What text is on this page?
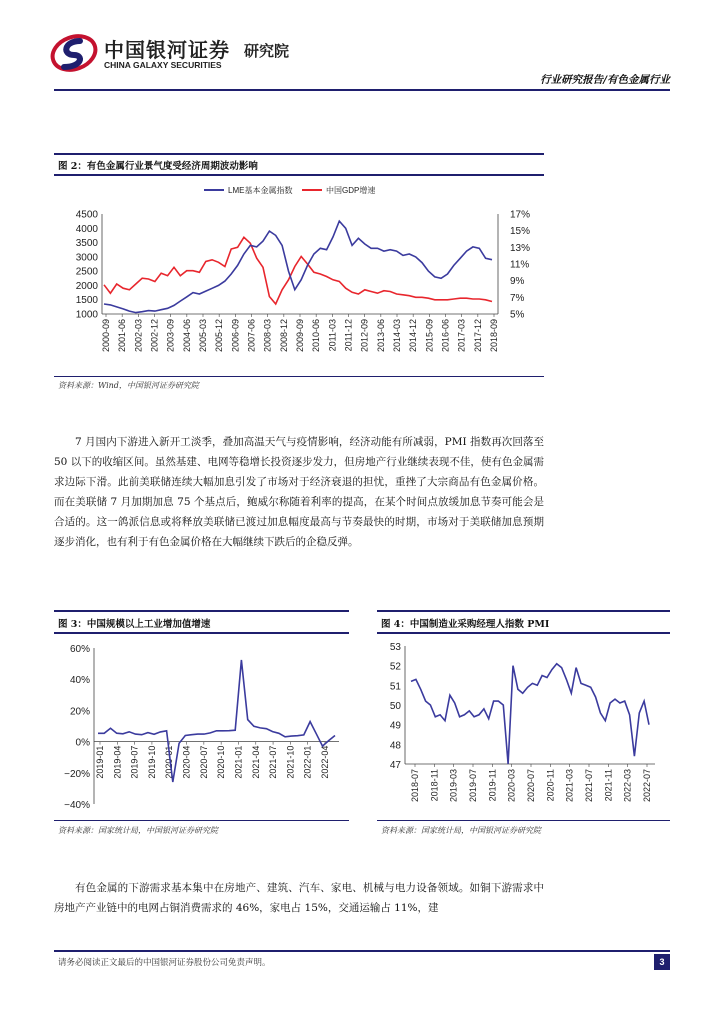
中国银河证券
CHINA GALAXY SECURITIES
研究院
行业研究报告/有色金属行业
图 2：有色金属行业景气度受经济周期波动影响
LME基本金属指数	中国GDP增速
4500
4000
3500
3000
2500
2000
1500
1000
17%
15%
13%
11%
9%
7%
5%
2000-09 2001-06 2002-03 2002-12 2003-09 2004-06 2005-03 2005-12 2006-09 2007-06 2008-03 2008-12 2009-09 2010-06 2011-03 2011-12 2012-09 2013-06 2014-03 2014-12 2015-09 2016-06 2017-03 2017-12 2018-09
资料来源：Wind，中国银河证券研究院
7 月国内下游进入新开工淡季，叠加高温天气与疫情影响，经济动能有所减弱，PMI 指数再次回落至 50 以下的收缩区间。虽然基建、电网等稳增长投资逐步发力，但房地产行业继续表现不佳，使有色金属需求边际下滑。此前美联储连续大幅加息引发了市场对于经济衰退的担忧，重挫了大宗商品有色金属价格。而在美联储 7 月加期加息 75 个基点后，鲍威尔称随着利率的提高，在某个时间点放缓加息节奏可能会是合适的。这一鸽派信息或将释放美联储已渡过加息幅度最高与节奏最快的时期，市场对于美联储加息预期逐步消化，也有利于有色金属价格在大幅继续下跌后的企稳反弹。
图 3：中国规模以上工业增加值增速
60%
40%
20%
0%
−20%
−40%
2019-01 2019-04 2019-07 2019-10 2020-01 2020-04 2020-07 2020-10 2021-01 2021-04 2021-07 2021-10 2022-01 2022-04
资料来源：国家统计局，中国银河证券研究院
图 4：中国制造业采购经理人指数 PMI
53
52
51
50
49
48
47
2018-07 2018-11 2019-03 2019-07 2019-11 2020-03 2020-07 2020-11 2021-03 2021-07 2021-11 2022-03 2022-07
资料来源：国家统计局，中国银河证券研究院
有色金属的下游需求基本集中在房地产、建筑、汽车、家电、机械与电力设备领域。如铜下游需求中房地产产业链中的电网占铜消费需求的 46%，家电占 15%，交通运输占 11%，建
请务必阅读正文最后的中国银河证券股份公司免责声明。	3
